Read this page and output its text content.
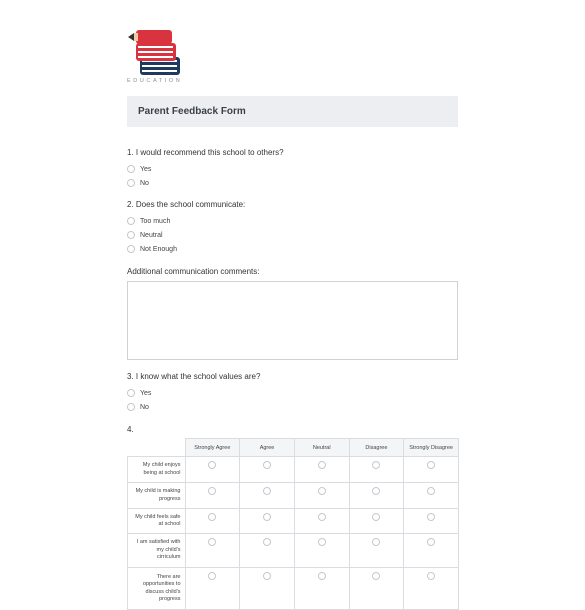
EDUCATION
Parent Feedback Form
1. I would recommend this school to others?
Yes
No
2. Does the school communicate:
Too much
Neutral
Not Enough
Additional communication comments:
3. I know what the school values are?
Yes
No
4.
	Strongly Agree	Agree	Neutral	Disagree	Strongly Disagree
My child enjoys being at school					
My child is making progress					
My child feels safe at school					
I am satisfied with my child's cirriculum					
There are opportunities to discuss child's progress					
